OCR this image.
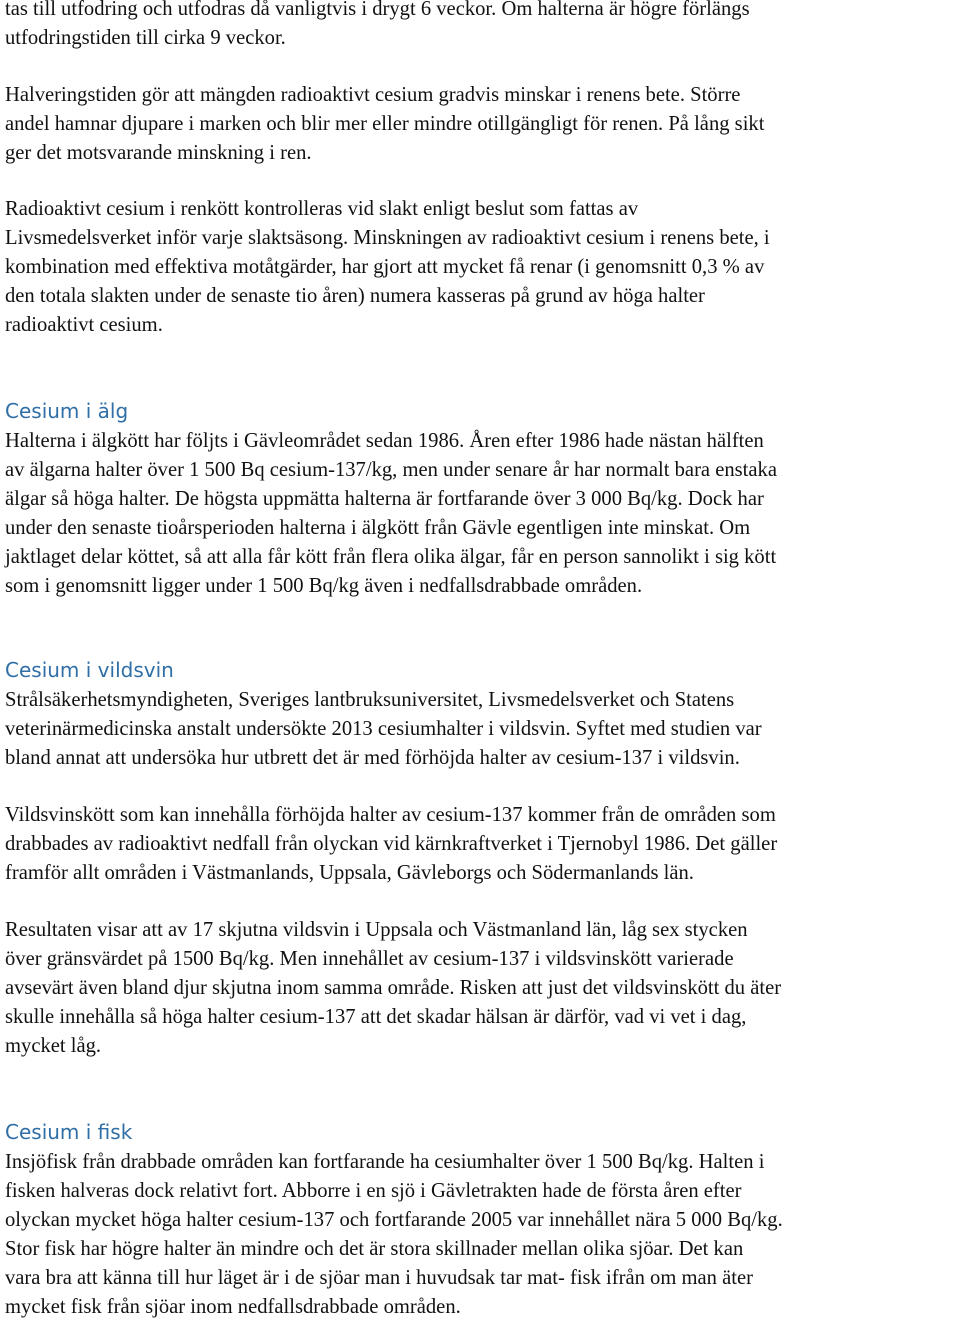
tas till utfodring och utfodras då vanligtvis i drygt 6 veckor. Om halterna är högre förlängs
utfodringstiden till cirka 9 veckor.
Halveringstiden gör att mängden radioaktivt cesium gradvis minskar i renens bete. Större
andel hamnar djupare i marken och blir mer eller mindre otillgängligt för renen. På lång sikt
ger det motsvarande minskning i ren.
Radioaktivt cesium i renkött kontrolleras vid slakt enligt beslut som fattas av
Livsmedelsverket inför varje slaktsäsong. Minskningen av radioaktivt cesium i renens bete, i
kombination med effektiva motåtgärder, har gjort att mycket få renar (i genomsnitt 0,3 % av
den totala slakten under de senaste tio åren) numera kasseras på grund av höga halter
radioaktivt cesium.
Cesium i älg
Halterna i älgkött har följts i Gävleområdet sedan 1986. Åren efter 1986 hade nästan hälften
av älgarna halter över 1 500 Bq cesium-137/kg, men under senare år har normalt bara enstaka
älgar så höga halter. De högsta uppmätta halterna är fortfarande över 3 000 Bq/kg. Dock har
under den senaste tioårsperioden halterna i älgkött från Gävle egentligen inte minskat. Om
jaktlaget delar köttet, så att alla får kött från flera olika älgar, får en person sannolikt i sig kött
som i genomsnitt ligger under 1 500 Bq/kg även i nedfallsdrabbade områden.
Cesium i vildsvin
Strålsäkerhetsmyndigheten, Sveriges lantbruksuniversitet, Livsmedelsverket och Statens
veterinärmedicinska anstalt undersökte 2013 cesiumhalter i vildsvin. Syftet med studien var
bland annat att undersöka hur utbrett det är med förhöjda halter av cesium-137 i vildsvin.
Vildsvinskött som kan innehålla förhöjda halter av cesium-137 kommer från de områden som
drabbades av radioaktivt nedfall från olyckan vid kärnkraftverket i Tjernobyl 1986. Det gäller
framför allt områden i Västmanlands, Uppsala, Gävleborgs och Södermanlands län.
Resultaten visar att av 17 skjutna vildsvin i Uppsala och Västmanland län, låg sex stycken
över gränsvärdet på 1500 Bq/kg. Men innehållet av cesium-137 i vildsvinskött varierade
avsevärt även bland djur skjutna inom samma område. Risken att just det vildsvinskött du äter
skulle innehålla så höga halter cesium-137 att det skadar hälsan är därför, vad vi vet i dag,
mycket låg.
Cesium i fisk
Insjöfisk från drabbade områden kan fortfarande ha cesiumhalter över 1 500 Bq/kg. Halten i
fisken halveras dock relativt fort. Abborre i en sjö i Gävletrakten hade de första åren efter
olyckan mycket höga halter cesium-137 och fortfarande 2005 var innehållet nära 5 000 Bq/kg.
Stor fisk har högre halter än mindre och det är stora skillnader mellan olika sjöar. Det kan
vara bra att känna till hur läget är i de sjöar man i huvudsak tar mat- fisk ifrån om man äter
mycket fisk från sjöar inom nedfallsdrabbade områden.
